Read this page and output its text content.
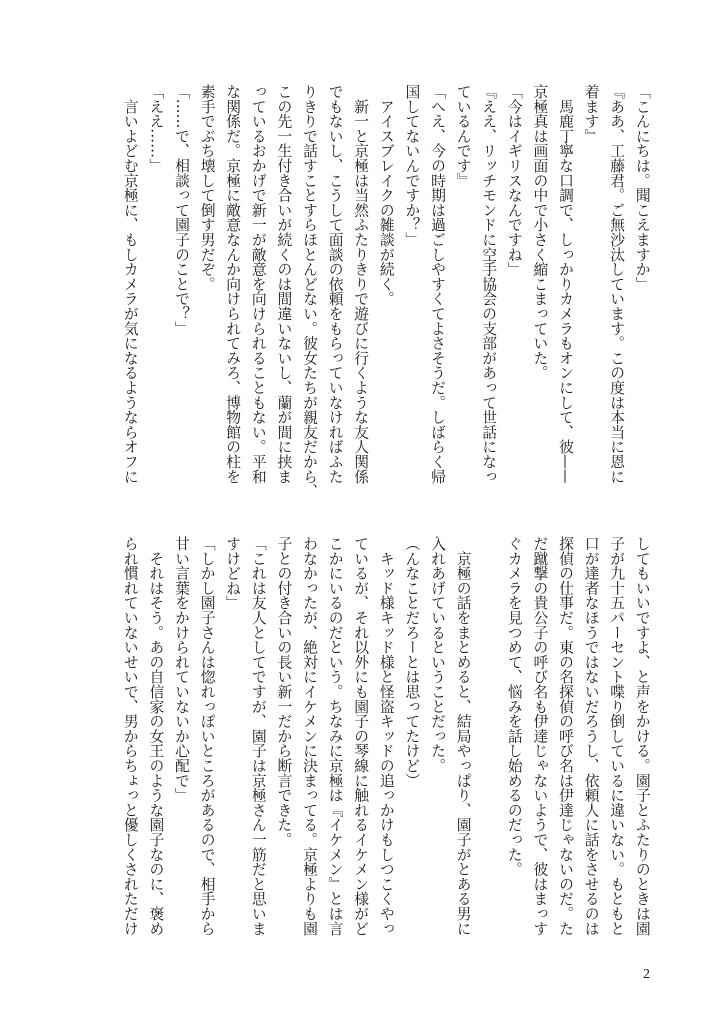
「こんにちは。聞こえますか」
『ああ、工藤君。ご無沙汰しています。この度は本当に恩に
着ます』
　馬鹿丁寧な口調で、しっかりカメラもオンにして、彼——
京極真は画面の中で小さく縮こまっていた。
「今はイギリスなんですね」
『ええ、リッチモンドに空手協会の支部があって世話になっ
ているんです』
「へえ、今の時期は過ごしやすくてよさそうだ。しばらく帰
国してないんですか？」
　アイスブレイクの雑談が続く。
　新一と京極は当然ふたりきりで遊びに行くような友人関係
でもないし、こうして面談の依頼をもらっていなければふた
りきりで話すことすらほとんどない。彼女たちが親友だから、
この先一生付き合いが続くのは間違いないし、蘭が間に挟ま
っているおかげで新一が敵意を向けられることもない。平和
な関係だ。京極に敵意なんか向けられてみろ、博物館の柱を
素手でぶち壊して倒す男だぞ。
「……で、相談って園子のことで？」
「ええ……」
　言いよどむ京極に、もしカメラが気になるようならオフに
してもいいですよ、と声をかける。園子とふたりのときは園
子が九十五パーセント喋り倒しているに違いない。もともと
口が達者なほうではないだろうし、依頼人に話をさせるのは
探偵の仕事だ。東の名探偵の呼び名は伊達じゃないのだ。た
だ蹴撃の貴公子の呼び名も伊達じゃないようで、彼はまっす
ぐカメラを見つめて、悩みを話し始めるのだった。
　京極の話をまとめると、結局やっぱり、園子がとある男に
入れあげているということだった。
（んなことだろーとは思ってたけど）
　キッド様キッド様と怪盗キッドの追っかけもしつこくやっ
ているが、それ以外にも園子の琴線に触れるイケメン様がど
こかにいるのだという。ちなみに京極は『イケメン』とは言
わなかったが、絶対にイケメンに決まってる。京極よりも園
子との付き合いの長い新一だから断言できた。
「これは友人としてですが、園子は京極さん一筋だと思いま
すけどね」
「しかし園子さんは惚れっぽいところがあるので、相手から
甘い言葉をかけられていないか心配で」
　それはそう。あの自信家の女王のような園子なのに、褒め
られ慣れていないせいで、男からちょっと優しくされただけ
2
